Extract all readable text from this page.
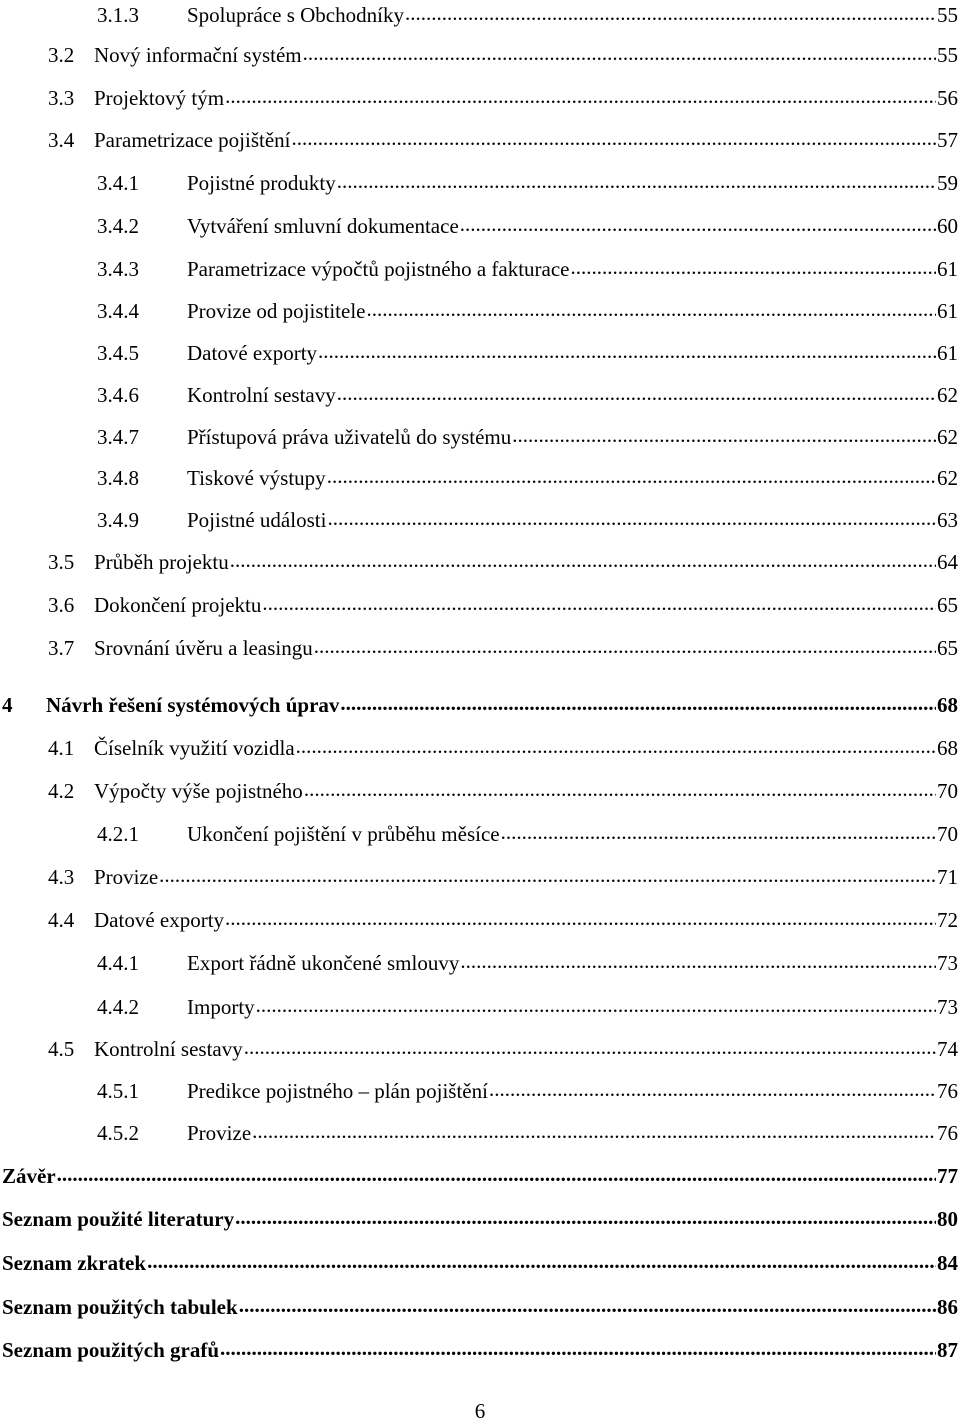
3.1.3	Spolupráce s Obchodníky .....	55
3.2 Nový informační systém .....	55
3.3 Projektový tým .....	56
3.4 Parametrizace pojištění .....	57
3.4.1	Pojistné produkty .....	59
3.4.2	Vytváření smluvní dokumentace .....	60
3.4.3	Parametrizace výpočtů pojistného a fakturace .....	61
3.4.4	Provize od pojistitele .....	61
3.4.5	Datové exporty .....	61
3.4.6	Kontrolní sestavy .....	62
3.4.7	Přístupová práva uživatelů do systému .....	62
3.4.8	Tiskové výstupy .....	62
3.4.9	Pojistné události .....	63
3.5 Průběh projektu .....	64
3.6 Dokončení projektu .....	65
3.7 Srovnání úvěru a leasingu .....	65
4	Návrh řešení systémových úprav .....	68
4.1 Číselník využití vozidla .....	68
4.2 Výpočty výše pojistného .....	70
4.2.1	Ukončení pojištění v průběhu měsíce .....	70
4.3 Provize .....	71
4.4 Datové exporty .....	72
4.4.1	Export řádně ukončené smlouvy .....	73
4.4.2	Importy .....	73
4.5 Kontrolní sestavy .....	74
4.5.1	Predikce pojistného – plán pojištění .....	76
4.5.2	Provize .....	76
Závěr .....	77
Seznam použité literatury .....	80
Seznam zkratek .....	84
Seznam použitých tabulek .....	86
Seznam použitých grafů .....	87
6
